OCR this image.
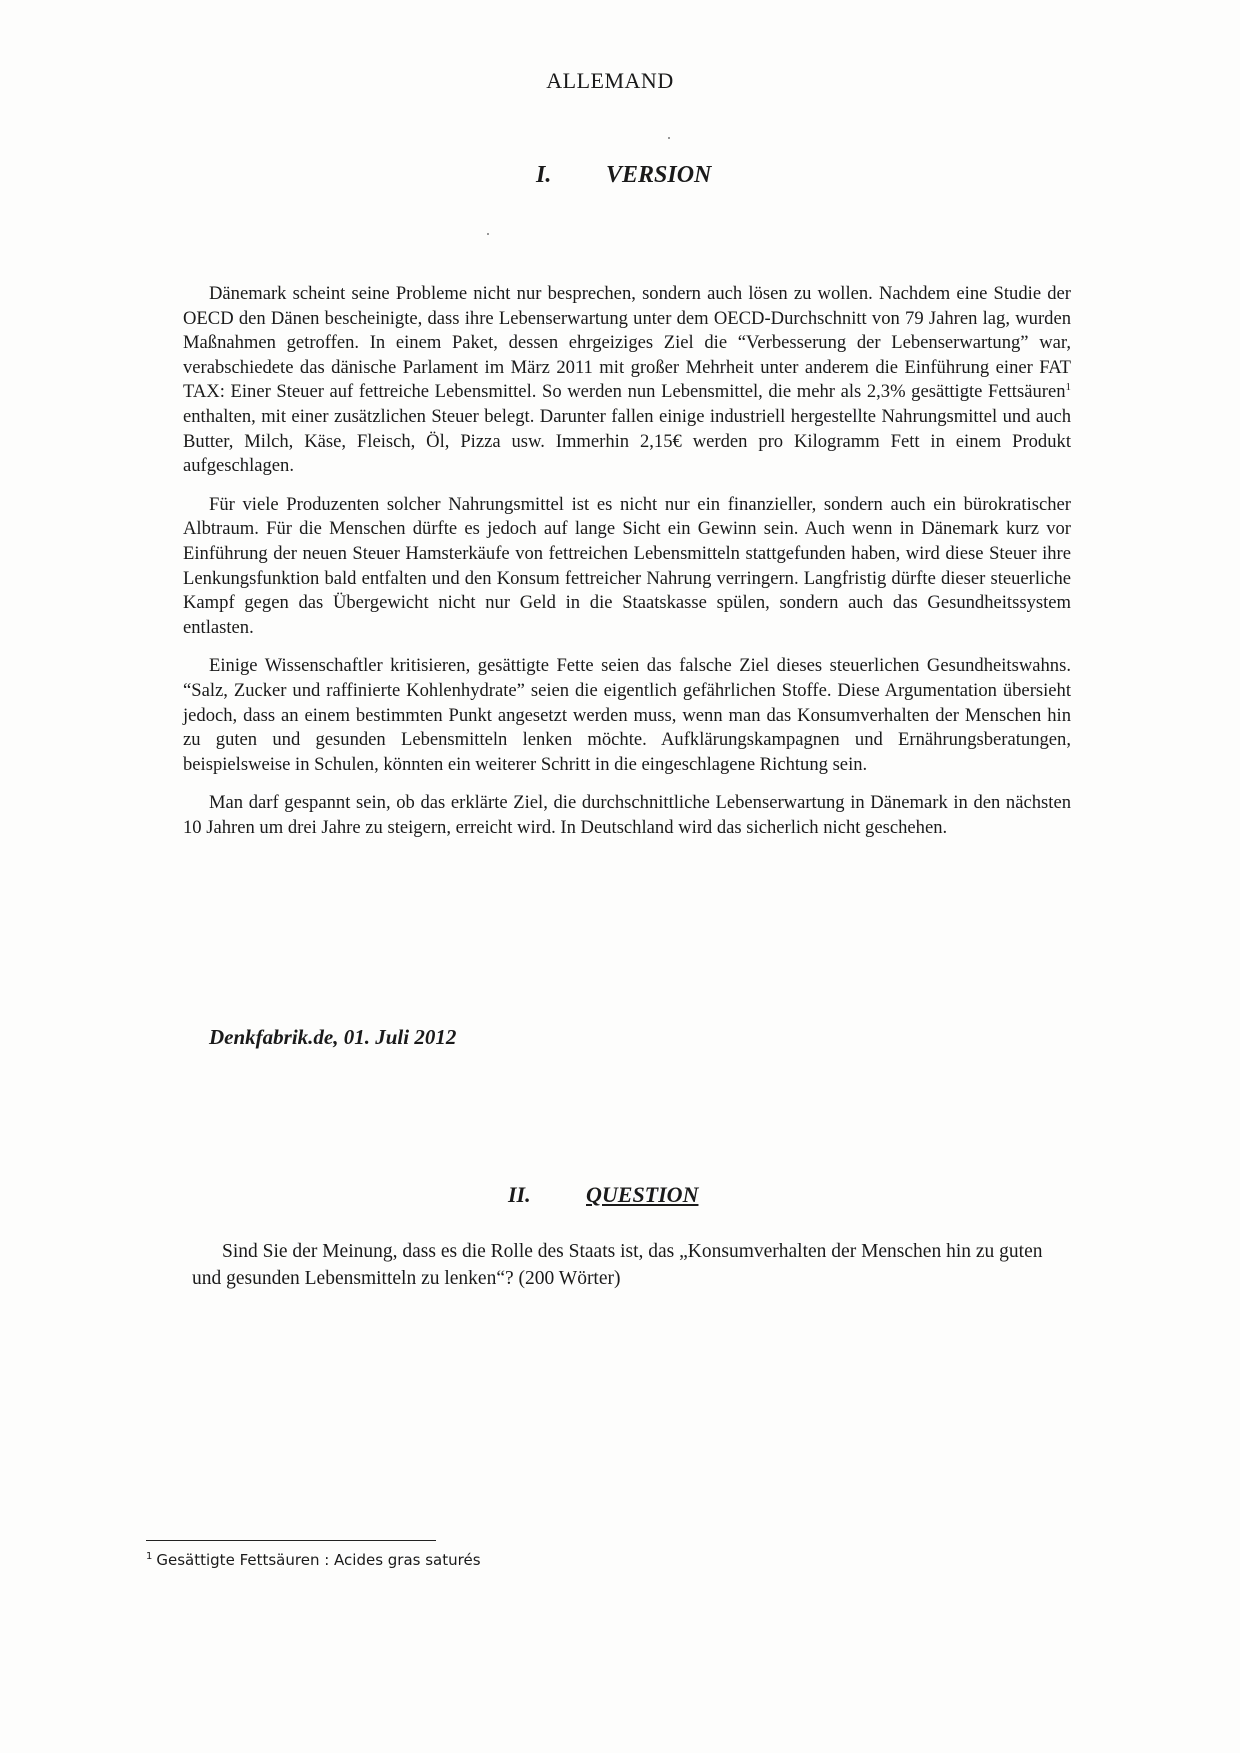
ALLEMAND
I. VERSION

Dänemark scheint seine Probleme nicht nur besprechen, sondern auch lösen zu wollen. Nachdem eine Studie der OECD den Dänen bescheinigte, dass ihre Lebenserwartung unter dem OECD-Durchschnitt von 79 Jahren lag, wurden Maßnahmen getroffen. In einem Paket, dessen ehrgeiziges Ziel die “Verbesserung der Lebenserwartung” war, verabschiedete das dänische Parlament im März 2011 mit großer Mehrheit unter anderem die Einführung einer FAT TAX: Einer Steuer auf fettreiche Lebensmittel. So werden nun Lebensmittel, die mehr als 2,3% gesättigte Fettsäuren$^1$ enthalten, mit einer zusätzlichen Steuer belegt. Darunter fallen einige industriell hergestellte Nahrungsmittel und auch Butter, Milch, Käse, Fleisch, Öl, Pizza usw. Immerhin 2,15€ werden pro Kilogramm Fett in einem Produkt aufgeschlagen.

Für viele Produzenten solcher Nahrungsmittel ist es nicht nur ein finanzieller, sondern auch ein bürokratischer Albtraum. Für die Menschen dürfte es jedoch auf lange Sicht ein Gewinn sein. Auch wenn in Dänemark kurz vor Einführung der neuen Steuer Hamsterkäufe von fettreichen Lebensmitteln stattgefunden haben, wird diese Steuer ihre Lenkungsfunktion bald entfalten und den Konsum fettreicher Nahrung verringern. Langfristig dürfte dieser steuerliche Kampf gegen das Übergewicht nicht nur Geld in die Staatskasse spülen, sondern auch das Gesundheitssystem entlasten.

Einige Wissenschaftler kritisieren, gesättigte Fette seien das falsche Ziel dieses steuerlichen Gesundheitswahns. “Salz, Zucker und raffinierte Kohlenhydrate” seien die eigentlich gefährlichen Stoffe. Diese Argumentation übersieht jedoch, dass an einem bestimmten Punkt angesetzt werden muss, wenn man das Konsumverhalten der Menschen hin zu guten und gesunden Lebensmitteln lenken möchte. Aufklärungskampagnen und Ernährungsberatungen, beispielsweise in Schulen, könnten ein weiterer Schritt in die eingeschlagene Richtung sein.

Man darf gespannt sein, ob das erklärte Ziel, die durchschnittliche Lebenserwartung in Dänemark in den nächsten 10 Jahren um drei Jahre zu steigern, erreicht wird. In Deutschland wird das sicherlich nicht geschehen.

Denkfabrik.de, 01. Juli 2012
II.	QUESTION
Sind Sie der Meinung, dass es die Rolle des Staats ist, das „Konsumverhalten der Menschen hin zu guten und gesunden Lebensmitteln zu lenken“? (200 Wörter)
$^1$ Gesättigte Fettsäuren : Acides gras saturés
